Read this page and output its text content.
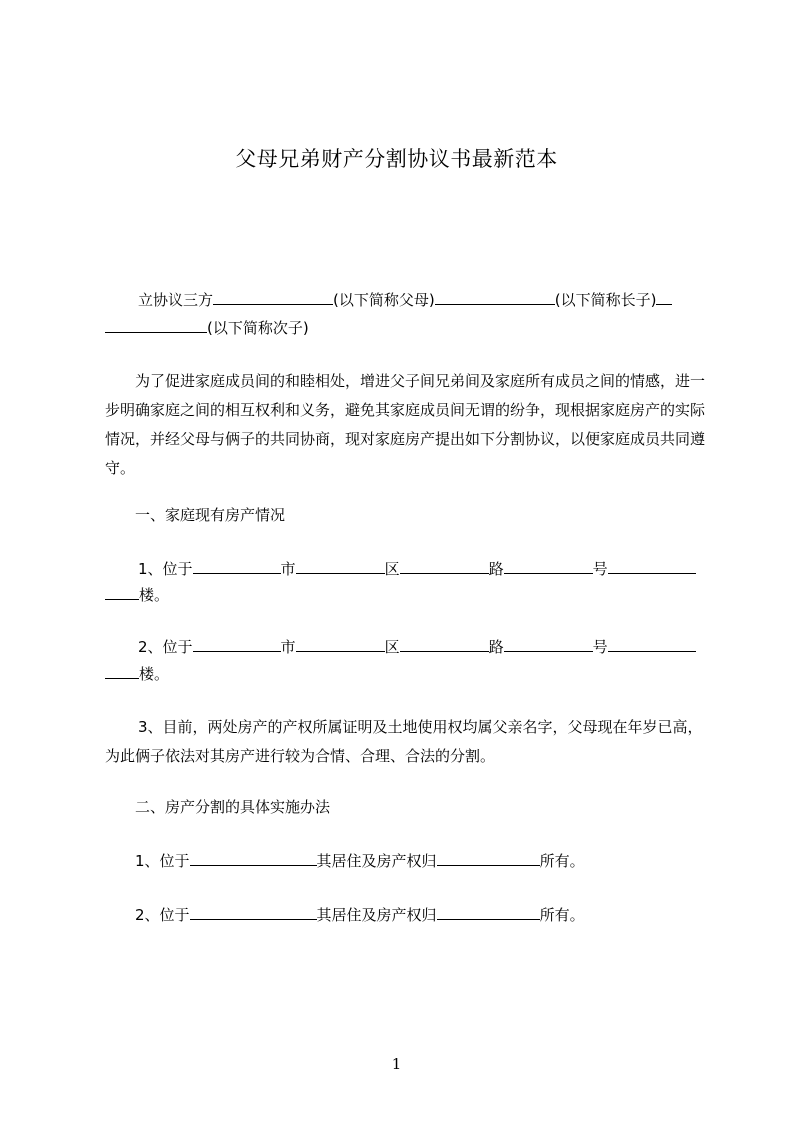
父母兄弟财产分割协议书最新范本
立协议三方	(以下简称父母)	(以下简称长子)
(以下简称次子)
为了促进家庭成员间的和睦相处，增进父子间兄弟间及家庭所有成员之间的情感，进一步明确家庭之间的相互权利和义务，避免其家庭成员间无谓的纷争，现根据家庭房产的实际情况，并经父母与俩子的共同协商，现对家庭房产提出如下分割协议，以便家庭成员共同遵守。
一、家庭现有房产情况
1、位于	市	区	路	号
楼。
2、位于	市	区	路	号
楼。
3、目前，两处房产的产权所属证明及土地使用权均属父亲名字，父母现在年岁已高，为此俩子依法对其房产进行较为合情、合理、合法的分割。
二、房产分割的具体实施办法
1、位于	其居住及房产权归	所有。
2、位于	其居住及房产权归	所有。
1
